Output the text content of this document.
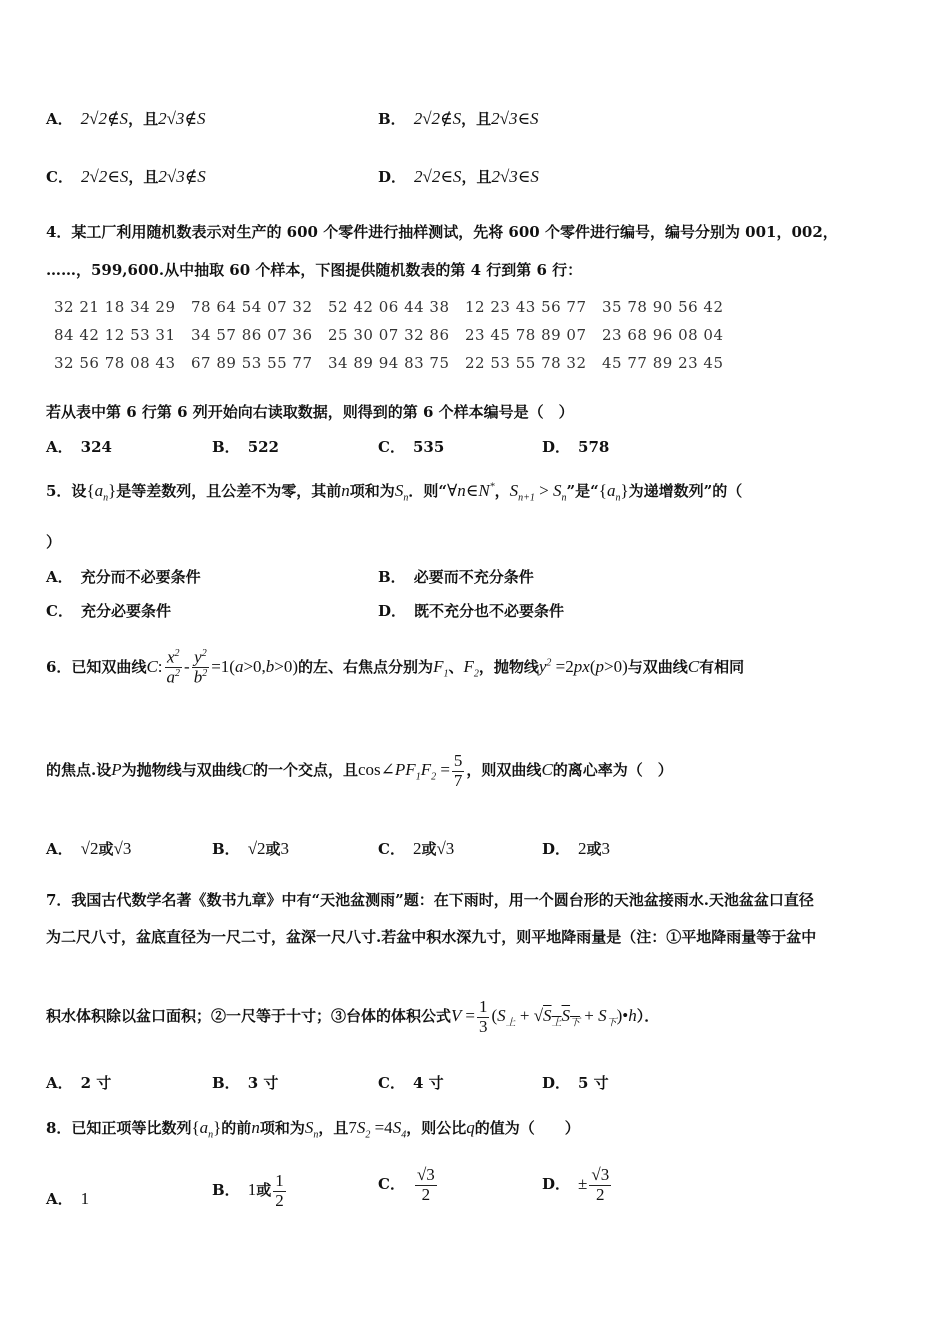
A． 2√2∉S，且2√3∉S	B． 2√2∉S，且2√3∈S
C． 2√2∈S，且2√3∉S	D． 2√2∈S，且2√3∈S
4．某工厂利用随机数表示对生产的 600 个零件进行抽样测试，先将 600 个零件进行编号，编号分别为 001，002，
……，599,600.从中抽取 60 个样本，下图提供随机数表的第 4 行到第 6 行：
32 21 18 34 29 78 64 54 07 32 52 42 06 44 38 12 23 43 56 77 35 78 90 56 42
84 42 12 53 31 34 57 86 07 36 25 30 07 32 86 23 45 78 89 07 23 68 96 08 04
32 56 78 08 43 67 89 53 55 77 34 89 94 83 75 22 53 55 78 32 45 77 89 23 45
若从表中第 6 行第 6 列开始向右读取数据，则得到的第 6 个样本编号是（　）
A． 324	B． 522	C． 535	D． 578
5．设$\{a_n\}$是等差数列，且公差不为零，其前n项和为$S_n$．则“∀n∈N*，$S_{n+1} > S_n$”是“$\{a_n\}$为递增数列”的（
）
A． 充分而不必要条件	B． 必要而不充分条件
C． 充分必要条件	D． 既不充分也不必要条件
6．已知双曲线C: $\frac{x^2}{a^2} - \frac{y^2}{b^2} =1(a>0,b>0)$的左、右焦点分别为$F_1$、$F_2$，抛物线$y^2 =2px(p>0)$与双曲线C有相同
的焦点.设P为抛物线与双曲线C的一个交点，且$\cos\angle PF_1F_2 = \frac{5}{7}$ ，则双曲线C的离心率为（　）
A． √2或√3	B． √2或3	C． 2或√3	D． 2或3
7．我国古代数学名著《数书九章》中有“天池盆测雨”题：在下雨时，用一个圆台形的天池盆接雨水.天池盆盆口直径
为二尺八寸，盆底直径为一尺二寸，盆深一尺八寸.若盆中积水深九寸，则平地降雨量是（注：①平地降雨量等于盆中
积水体积除以盆口面积；②一尺等于十寸；③台体的体积公式$V = \frac{1}{3} (S_上 + √S_上S_下$ + $S_下)•h$）．
A． 2 寸	B． 3 寸	C． 4 寸	D． 5 寸
8．已知正项等比数列$\{a_n\}$的前n项和为$S_n$，且$7S_2 =4S_4$，则公比q的值为（　　）
A． 1	B． 1或 $\frac{1}{2}$	C． $\frac{√3}{2}$	D． ± $\frac{√3}{2}$
